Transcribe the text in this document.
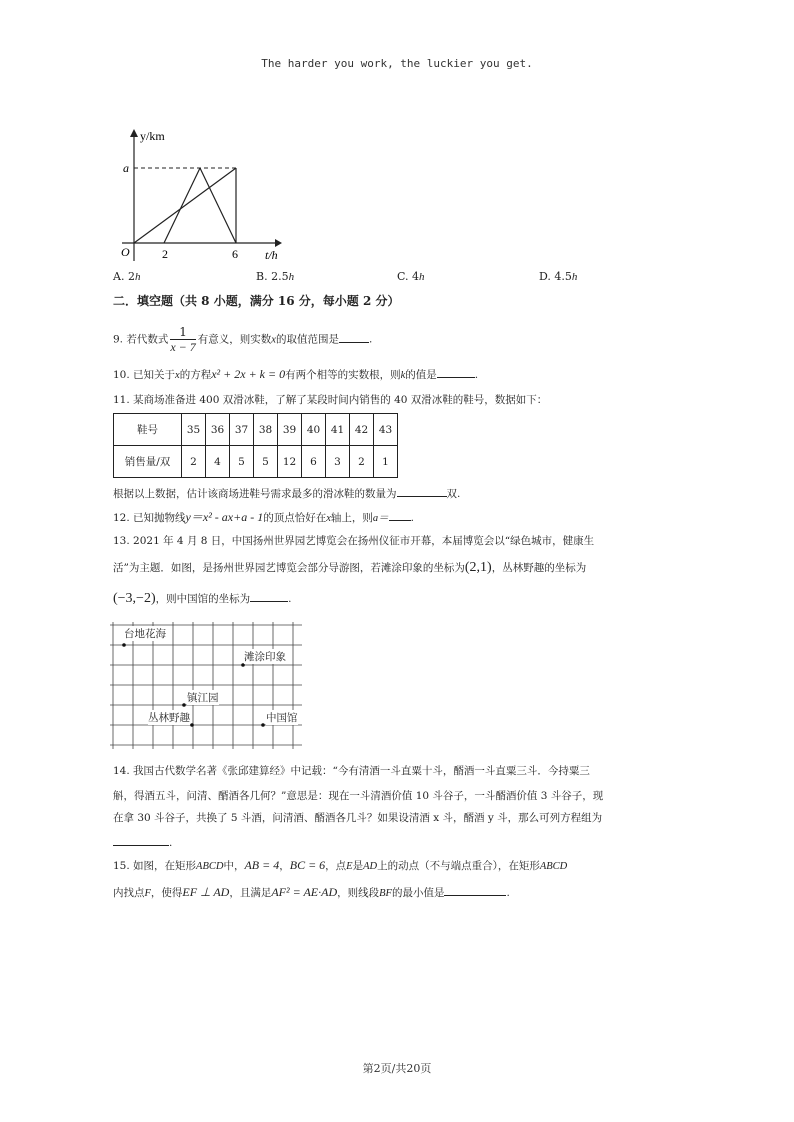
The harder you work, the luckier you get.
y/km
t/h
a
O	2	6
A. 2h	B. 2.5h	C. 4h	D. 4.5h
二．填空题（共 8 小题，满分 16 分，每小题 2 分）
9. 若代数式 $\frac{1}{x - 7}$ 有意义，则实数x的取值范围是	.
10. 已知关于x的方程x² + 2x + k = 0有两个相等的实数根，则k的值是	.
11. 某商场准备进 400 双滑冰鞋，了解了某段时间内销售的 40 双滑冰鞋的鞋号，数据如下：
鞋号	35	36	37	38	39	40	41	42	43
销售量/双	2	4	5	5	12	6	3	2	1
根据以上数据，估计该商场进鞋号需求最多的滑冰鞋的数量为	双.
12. 已知抛物线y＝x² - ax+a - 1的顶点恰好在x轴上，则a＝ .
13. 2021 年 4 月 8 日，中国扬州世界园艺博览会在扬州仪征市开幕，本届博览会以“绿色城市，健康生
活”为主题．如图，是扬州世界园艺博览会部分导游图，若滩涂印象的坐标为(2,1)，丛林野趣的坐标为
(−3,−2)，则中国馆的坐标为	.
台地花海
滩涂印象
镇江园
丛林野趣	中国馆
14. 我国古代数学名著《张邱建算经》中记载：“今有清酒一斗直粟十斗，醑酒一斗直粟三斗．今持粟三
斛，得酒五斗，问清、醑酒各几何？”意思是：现在一斗清酒价值 10 斗谷子，一斗醑酒价值 3 斗谷子，现
在拿 30 斗谷子，共换了 5 斗酒，问清酒、醑酒各几斗？如果设清酒 x 斗，醑酒 y 斗，那么可列方程组为
.
15. 如图，在矩形ABCD中，AB = 4，BC = 6，点E是AD上的动点（不与端点重合），在矩形ABCD
内找点F，使得EF ⊥ AD，且满足AF² = AE·AD，则线段BF的最小值是	.
第2页/共20页
